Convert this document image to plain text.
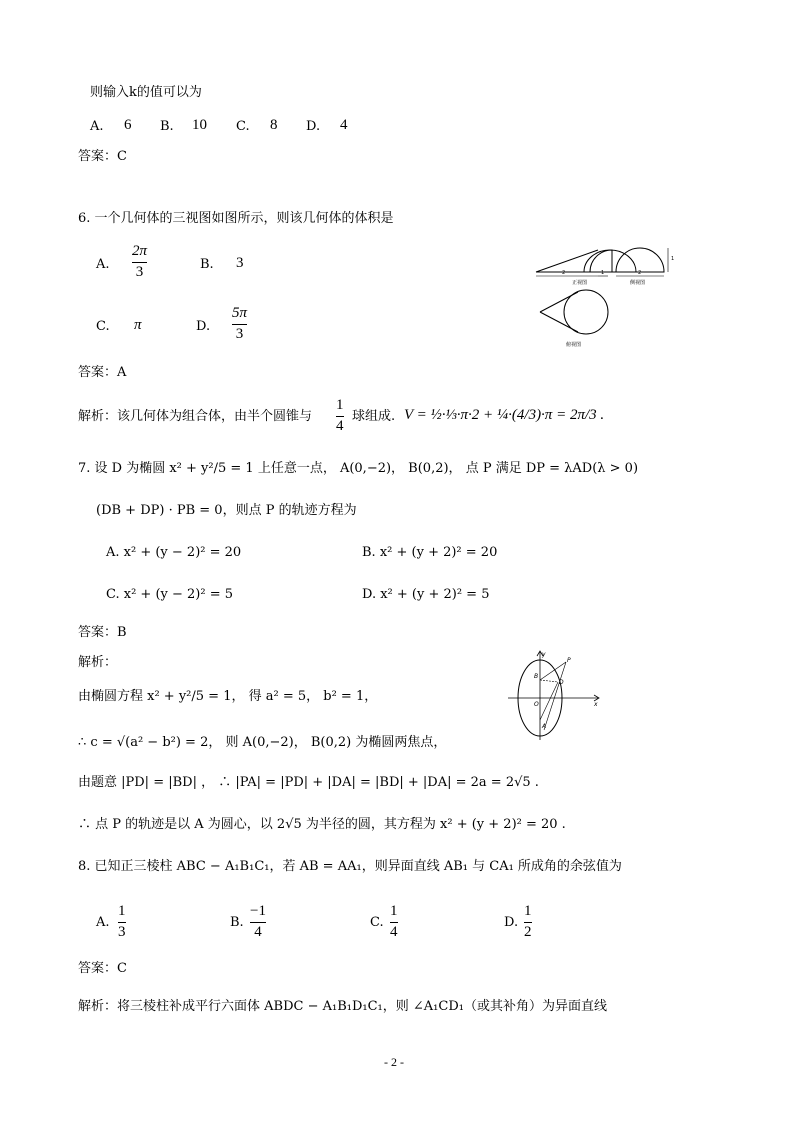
则输入k的值可以为
A. 6 B. 10 C. 8 D. 4
答案：C
6. 一个几何体的三视图如图所示，则该几何体的体积是
A.
2π
3	B. 3
C. π	D.
5π
3
2	1
正视图
2
1
侧视图
俯视图
答案：A
解析：该几何体为组合体，由半个圆锥与
1
4
球组成. V = ½·⅓·π·2 + ¼·(4/3)·π = 2π/3 .
7. 设 D 为椭圆 x² + y²/5 = 1 上任意一点， A(0,−2)， B(0,2)， 点 P 满足 DP = λAD(λ > 0)
(DB + DP) · PB = 0，则点 P 的轨迹方程为
A. x² + (y − 2)² = 20	B. x² + (y + 2)² = 20
C. x² + (y − 2)² = 5	D. x² + (y + 2)² = 5
答案：B
解析：
由椭圆方程 x² + y²/5 = 1， 得 a² = 5， b² = 1，
∴ c = √(a² − b²) = 2， 则 A(0,−2)， B(0,2) 为椭圆两焦点，
由题意 |PD| = |BD| ， ∴ |PA| = |PD| + |DA| = |BD| + |DA| = 2a = 2√5 .
∴ 点 P 的轨迹是以 A 为圆心，以 2√5 为半径的圆，其方程为 x² + (y + 2)² = 20 .
y
x
P
B
D
O
A
8. 已知正三棱柱 ABC − A₁B₁C₁，若 AB = AA₁，则异面直线 AB₁ 与 CA₁ 所成角的余弦值为
A.
1
3
B.
−1
4
C.
1
4
D.
1
2
答案：C
解析：将三棱柱补成平行六面体 ABDC − A₁B₁D₁C₁，则 ∠A₁CD₁（或其补角）为异面直线
- 2 -
